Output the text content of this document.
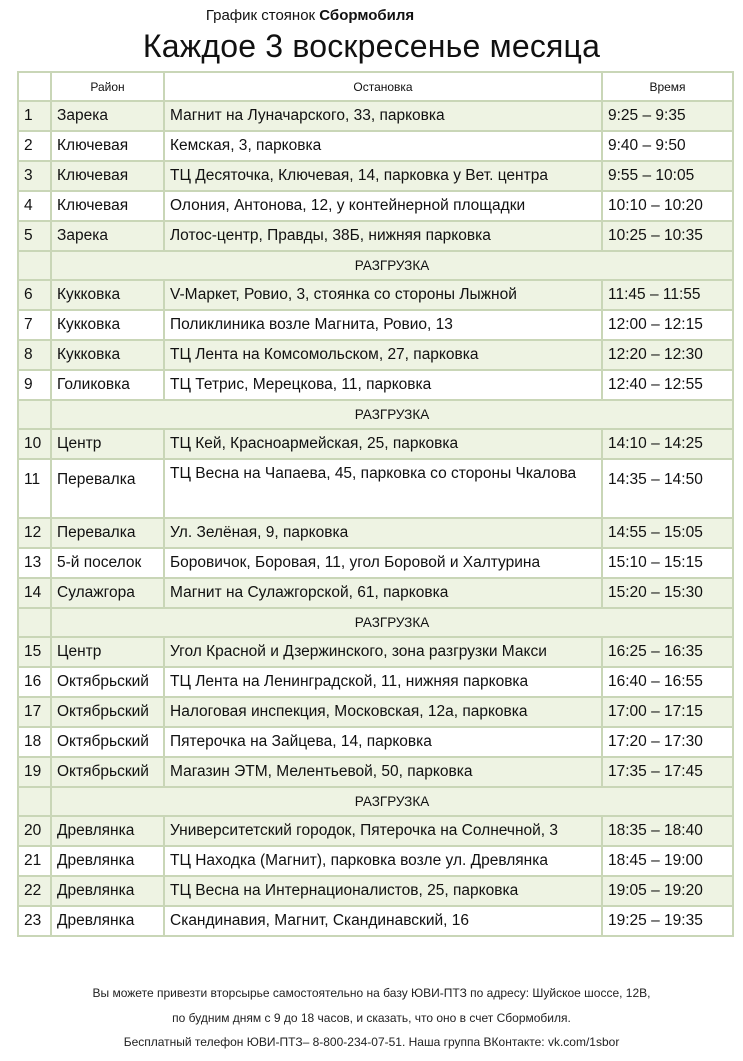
График стоянок Сбормобиля
Каждое 3 воскресенье месяца
	Район	Остановка	Время
1	Зарека	Магнит на Луначарского, 33, парковка	9:25 – 9:35
2	Ключевая	Кемская, 3, парковка	9:40 – 9:50
3	Ключевая	ТЦ Десяточка, Ключевая, 14, парковка у Вет. центра	9:55 – 10:05
4	Ключевая	Олония, Антонова, 12, у контейнерной площадки	10:10 – 10:20
5	Зарека	Лотос-центр, Правды, 38Б, нижняя парковка	10:25 – 10:35
	РАЗГРУЗКА		
6	Кукковка	V-Маркет, Ровио, 3, стоянка со стороны Лыжной	11:45 – 11:55
7	Кукковка	Поликлиника возле Магнита, Ровио, 13	12:00 – 12:15
8	Кукковка	ТЦ Лента на Комсомольском, 27, парковка	12:20 – 12:30
9	Голиковка	ТЦ Тетрис, Мерецкова, 11, парковка	12:40 – 12:55
	РАЗГРУЗКА		
10	Центр	ТЦ Кей, Красноармейская, 25, парковка	14:10 – 14:25
11	Перевалка	ТЦ Весна на Чапаева, 45, парковка со стороны Чкалова	14:35 – 14:50
12	Перевалка	Ул. Зелёная, 9, парковка	14:55 – 15:05
13	5-й поселок	Боровичок, Боровая, 11, угол Боровой и Халтурина	15:10 – 15:15
14	Сулажгора	Магнит на Сулажгорской, 61, парковка	15:20 – 15:30
	РАЗГРУЗКА		
15	Центр	Угол Красной и Дзержинского, зона разгрузки Макси	16:25 – 16:35
16	Октябрьский	ТЦ Лента на Ленинградской, 11, нижняя парковка	16:40 – 16:55
17	Октябрьский	Налоговая инспекция, Московская, 12а, парковка	17:00 – 17:15
18	Октябрьский	Пятерочка на Зайцева, 14, парковка	17:20 – 17:30
19	Октябрьский	Магазин ЭТМ, Мелентьевой, 50, парковка	17:35 – 17:45
	РАЗГРУЗКА		
20	Древлянка	Университетский городок, Пятерочка на Солнечной, 3	18:35 – 18:40
21	Древлянка	ТЦ Находка (Магнит), парковка возле ул. Древлянка	18:45 – 19:00
22	Древлянка	ТЦ Весна на Интернационалистов, 25, парковка	19:05 – 19:20
23	Древлянка	Скандинавия, Магнит, Скандинавский, 16	19:25 – 19:35
Вы можете привезти вторсырье самостоятельно на базу ЮВИ-ПТЗ по адресу: Шуйское шоссе, 12В,
по будним дням с 9 до 18 часов, и сказать, что оно в счет Сбормобиля.
Бесплатный телефон ЮВИ-ПТЗ– 8-800-234-07-51. Наша группа ВКонтакте: vk.com/1sbor
